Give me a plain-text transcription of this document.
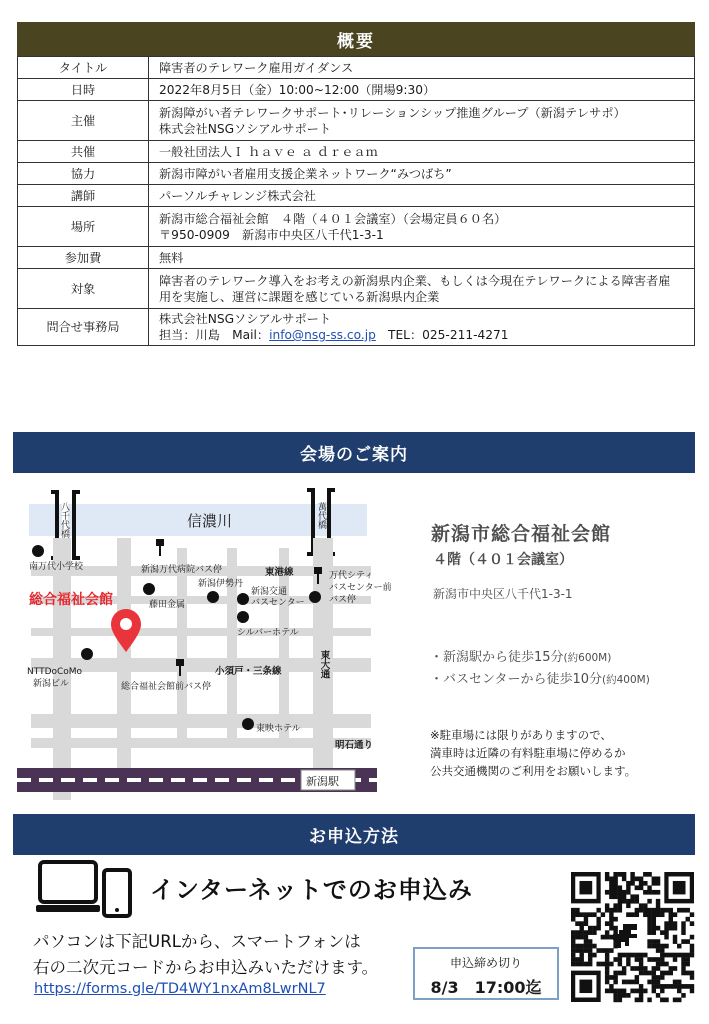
概要
タイトル	障害者のテレワーク雇用ガイダンス

日時	2022年8月5日（金）10:00~12:00（開場9:30）

主催	新潟障がい者テレワークサポート･リレーションシップ推進グループ（新潟テレサポ）
株式会社NSGソシアルサポート

共催	一般社団法人Ｉ ｈａｖｅ ａ ｄｒｅａｍ

協力	新潟市障がい者雇用支援企業ネットワーク“みつばち”

講師	パーソルチャレンジ株式会社

場所	新潟市総合福祉会館　４階（４０１会議室）（会場定員６０名）
〒950-0909　新潟市中央区八千代1-3-1

参加費	無料

対象	障害者のテレワーク導入をお考えの新潟県内企業、もしくは今現在テレワークによる障害者雇
用を実施し、運営に課題を感じている新潟県内企業

問合せ事務局	株式会社NSGソシアルサポート
担当：川島　Mail：info@nsg-ss.co.jp　TEL：025-211-4271
会場のご案内
信濃川
八千代橋	萬代橋
新潟駅
南万代小学校	新潟万代病院バス停
新潟伊勢丹
藤田金属
新潟交通
バスセンター
シルバーホテル
万代シティ
バスセンター前
バス停
NTTDoCoMo
新潟ビル	総合福祉会館前バス停
東映ホテル
東港線
小須戸・三条線	東大通
明石通り
総合福祉会館
新潟市総合福祉会館
４階（４０１会議室）
新潟市中央区八千代1-3-1
・新潟駅から徒歩15分(約600M)
・バスセンターから徒歩10分(約400M)
※駐車場には限りがありますので、
満車時は近隣の有料駐車場に停めるか
公共交通機関のご利用をお願いします。
お申込方法
インターネットでのお申込み
パソコンは下記URLから、スマートフォンは
右の二次元コードからお申込みいただけます。
https://forms.gle/TD4WY1nxAm8LwrNL7
申込締め切り
8/3　17:00迄
